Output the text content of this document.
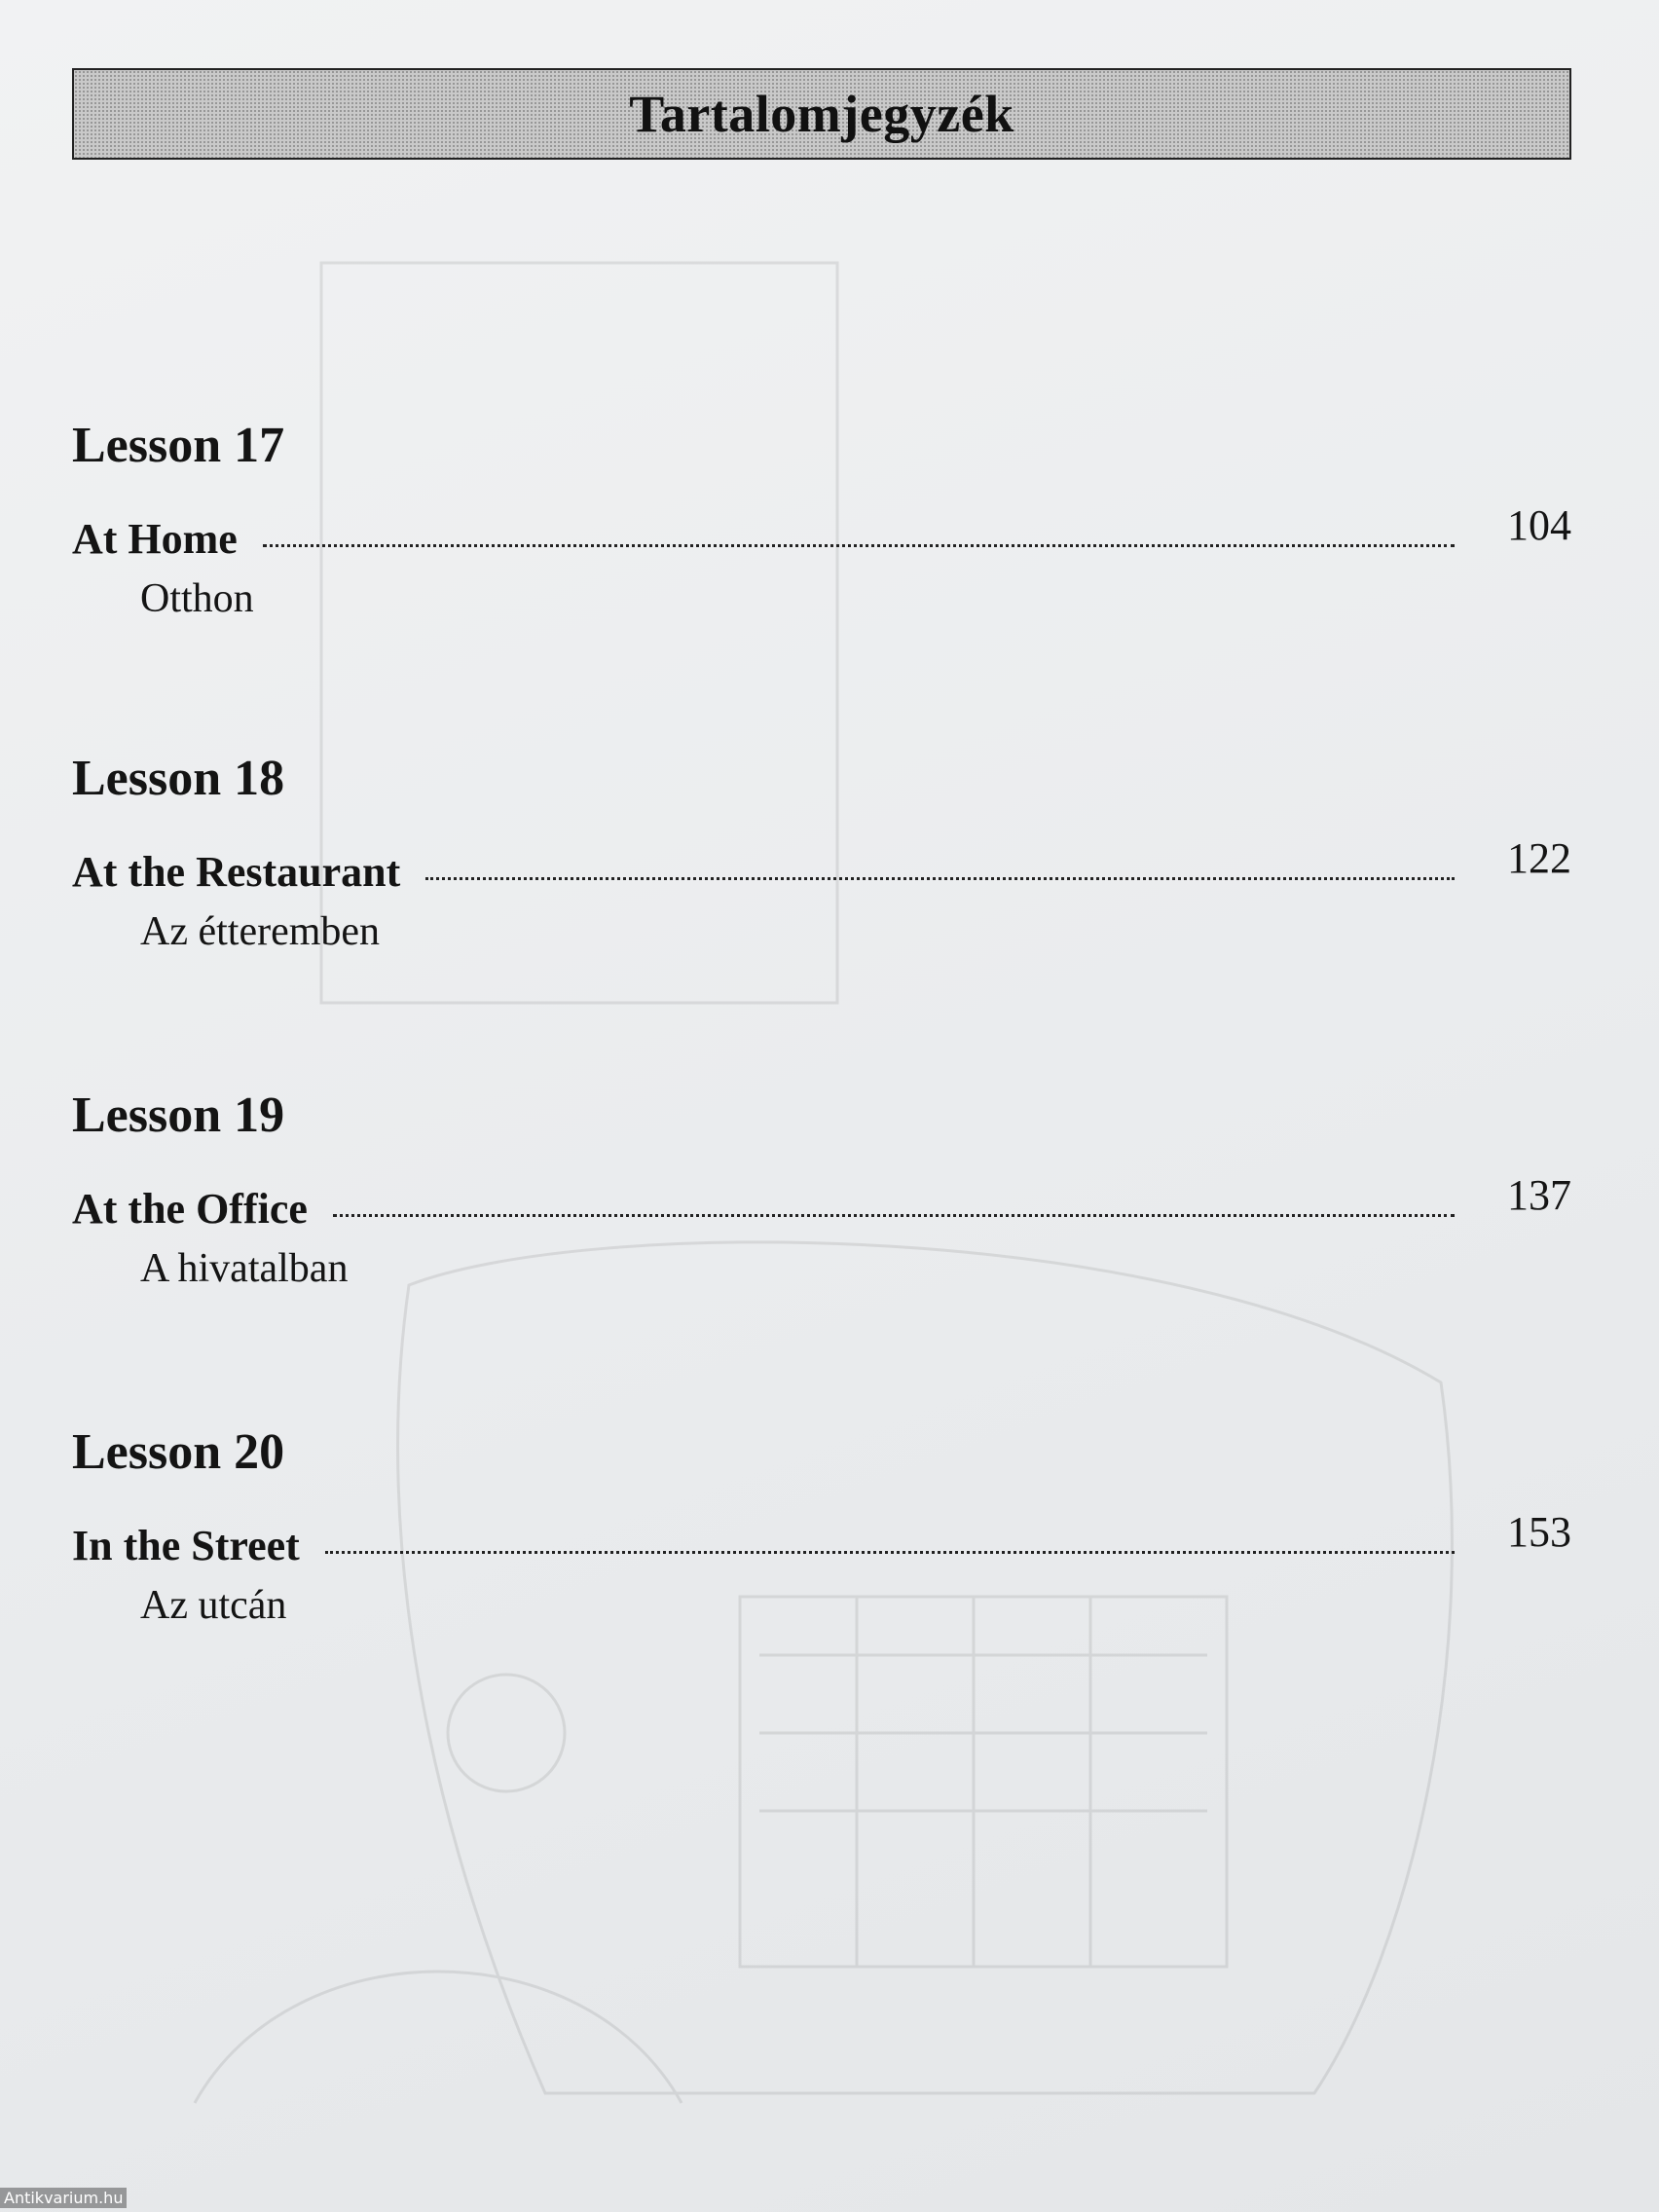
Tartalomjegyzék
Lesson 17
At Home	104
Otthon
Lesson 18
At the Restaurant	122
Az étteremben
Lesson 19
At the Office	137
A hivatalban
Lesson 20
In the Street	153
Az utcán
Antikvarium.hu
